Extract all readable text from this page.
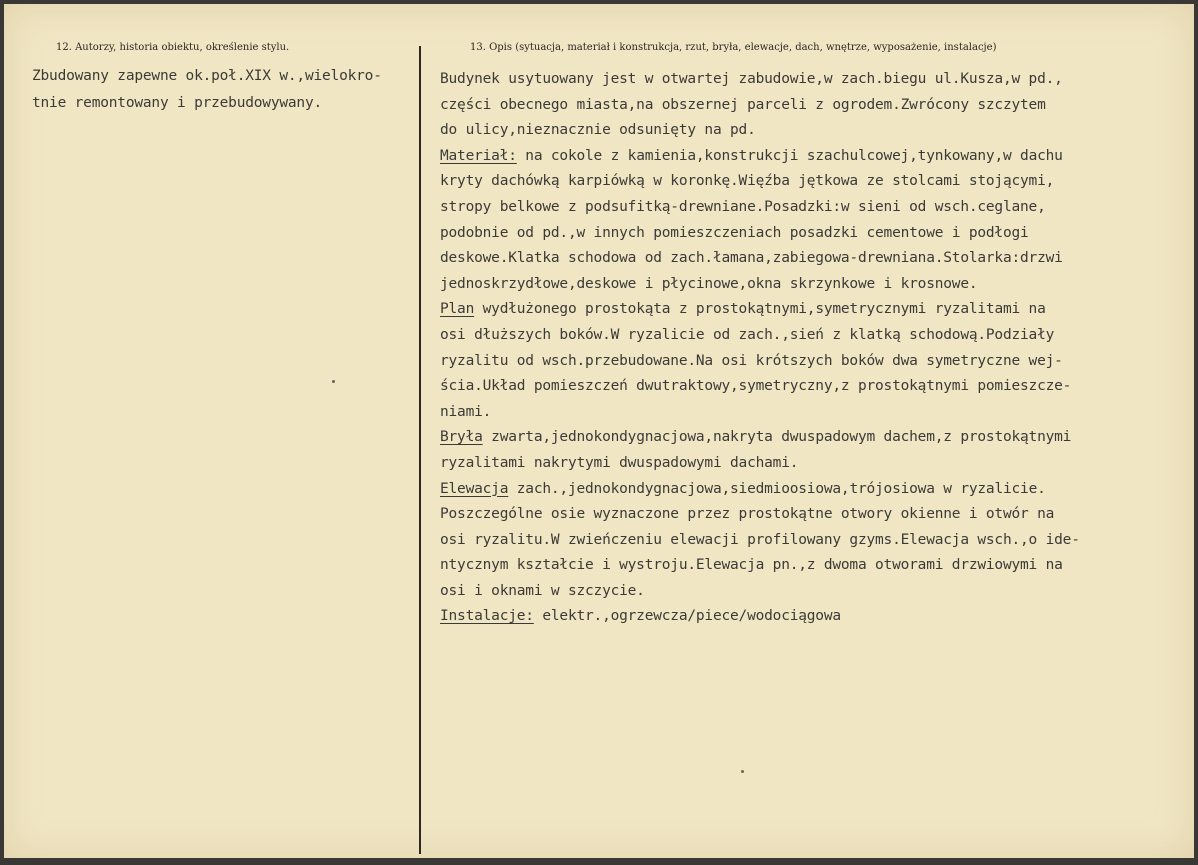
12. Autorzy, historia obiektu, określenie stylu.	13. Opis (sytuacja, materiał i konstrukcja, rzut, bryła, elewacje, dach, wnętrze, wyposażenie, instalacje)
Zbudowany zapewne ok.poł.XIX w.,wielokro-
tnie remontowany i przebudowywany.
Budynek usytuowany jest w otwartej zabudowie,w zach.biegu ul.Kusza,w pd.,
części obecnego miasta,na obszernej parceli z ogrodem.Zwrócony szczytem
do ulicy,nieznacznie odsunięty na pd.
Materiał: na cokole z kamienia,konstrukcji szachulcowej,tynkowany,w dachu
kryty dachówką karpiówką w koronkę.Więźba jętkowa ze stolcami stojącymi,
stropy belkowe z podsufitką-drewniane.Posadzki:w sieni od wsch.ceglane,
podobnie od pd.,w innych pomieszczeniach posadzki cementowe i podłogi
deskowe.Klatka schodowa od zach.łamana,zabiegowa-drewniana.Stolarka:drzwi
jednoskrzydłowe,deskowe i płycinowe,okna skrzynkowe i krosnowe.
Plan wydłużonego prostokąta z prostokątnymi,symetrycznymi ryzalitami na
osi dłuższych boków.W ryzalicie od zach.,sień z klatką schodową.Podziały
ryzalitu od wsch.przebudowane.Na osi krótszych boków dwa symetryczne wej-
ścia.Układ pomieszczeń dwutraktowy,symetryczny,z prostokątnymi pomieszcze-
niami.
Bryła zwarta,jednokondygnacjowa,nakryta dwuspadowym dachem,z prostokątnymi
ryzalitami nakrytymi dwuspadowymi dachami.
Elewacja zach.,jednokondygnacjowa,siedmioosiowa,trójosiowa w ryzalicie.
Poszczególne osie wyznaczone przez prostokątne otwory okienne i otwór na
osi ryzalitu.W zwieńczeniu elewacji profilowany gzyms.Elewacja wsch.,o ide-
ntycznym kształcie i wystroju.Elewacja pn.,z dwoma otworami drzwiowymi na
osi i oknami w szczycie.
Instalacje: elektr.,ogrzewcza/piece/wodociągowa
